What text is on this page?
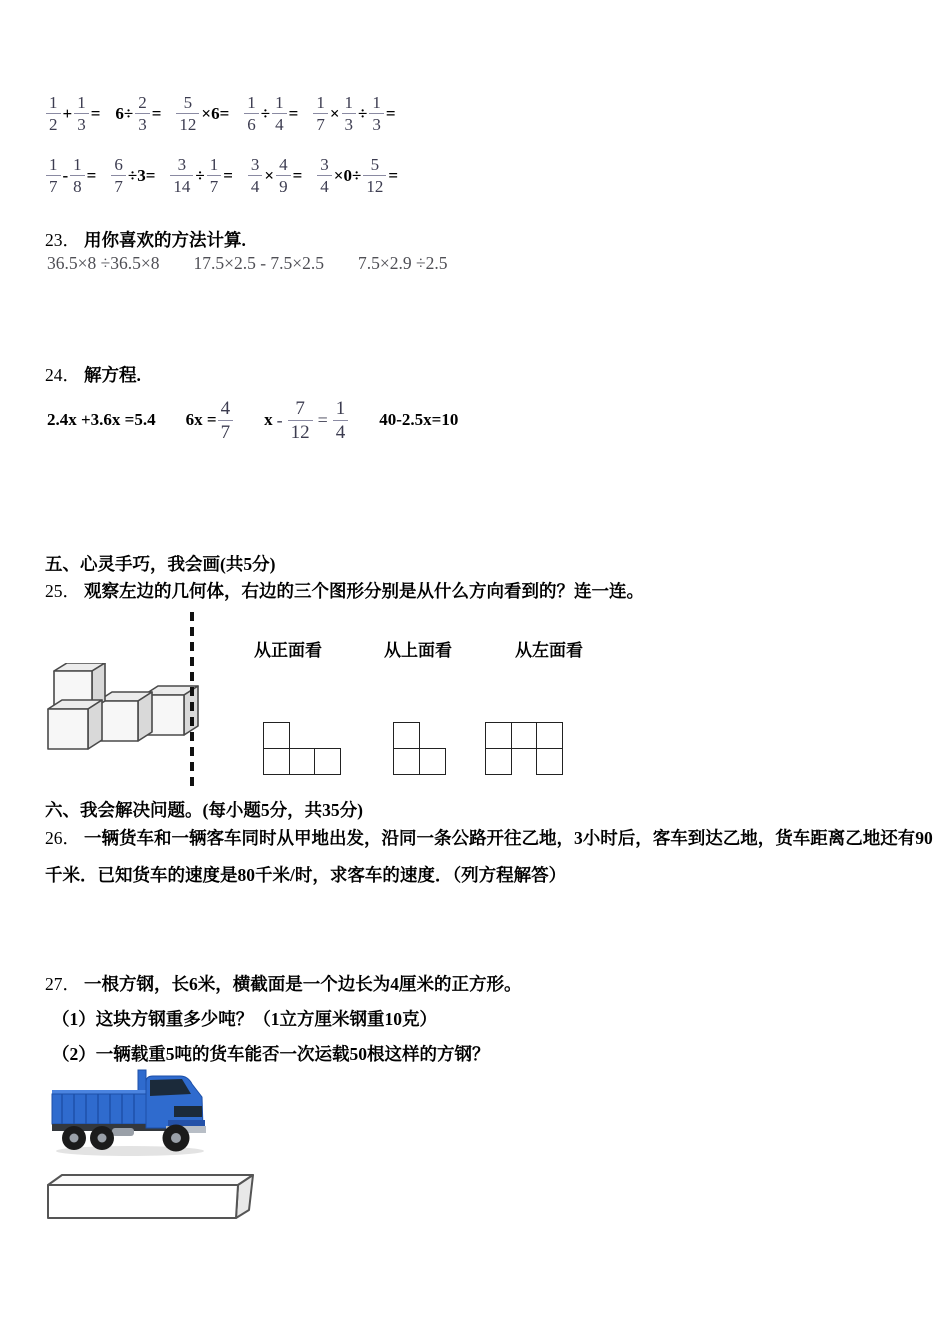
$\frac{1}{2} + \frac{1}{3} = 6\div \frac{2}{3} = \frac{5}{12} \times 6= \frac{1}{6} \div \frac{1}{4} = \frac{1}{7} \times \frac{1}{3} \div \frac{1}{3}$ =
$\frac{1}{7} - \frac{1}{8} = \frac{6}{7} \div 3= \frac{3}{14} \div \frac{1}{7} = \frac{3}{4} \times \frac{4}{9} = \frac{3}{4} \times 0\div \frac{5}{12}$ =
23． 用你喜欢的方法计算.
36.5×8 ÷36.5×8 17.5×2.5 - 7.5×2.5 7.5×2.9 ÷2.5
24． 解方程.
2.4x +3.6x =5.4 $6x = \frac{4}{7}$ $x - \frac{7}{12} = \frac{1}{4} 40-2.5x=10$
五、心灵手巧，我会画(共5分)
25． 观察左边的几何体，右边的三个图形分别是从什么方向看到的？连一连。
从正面看	从上面看	从左面看
六、我会解决问题。(每小题5分，共35分)
26． 一辆货车和一辆客车同时从甲地出发，沿同一条公路开往乙地，3小时后，客车到达乙地，货车距离乙地还有90
千米．已知货车的速度是80千米/时，求客车的速度．（列方程解答）
27． 一根方钢，长6米，横截面是一个边长为4厘米的正方形。
（1）这块方钢重多少吨？（1立方厘米钢重10克）
（2）一辆载重5吨的货车能否一次运载50根这样的方钢？
